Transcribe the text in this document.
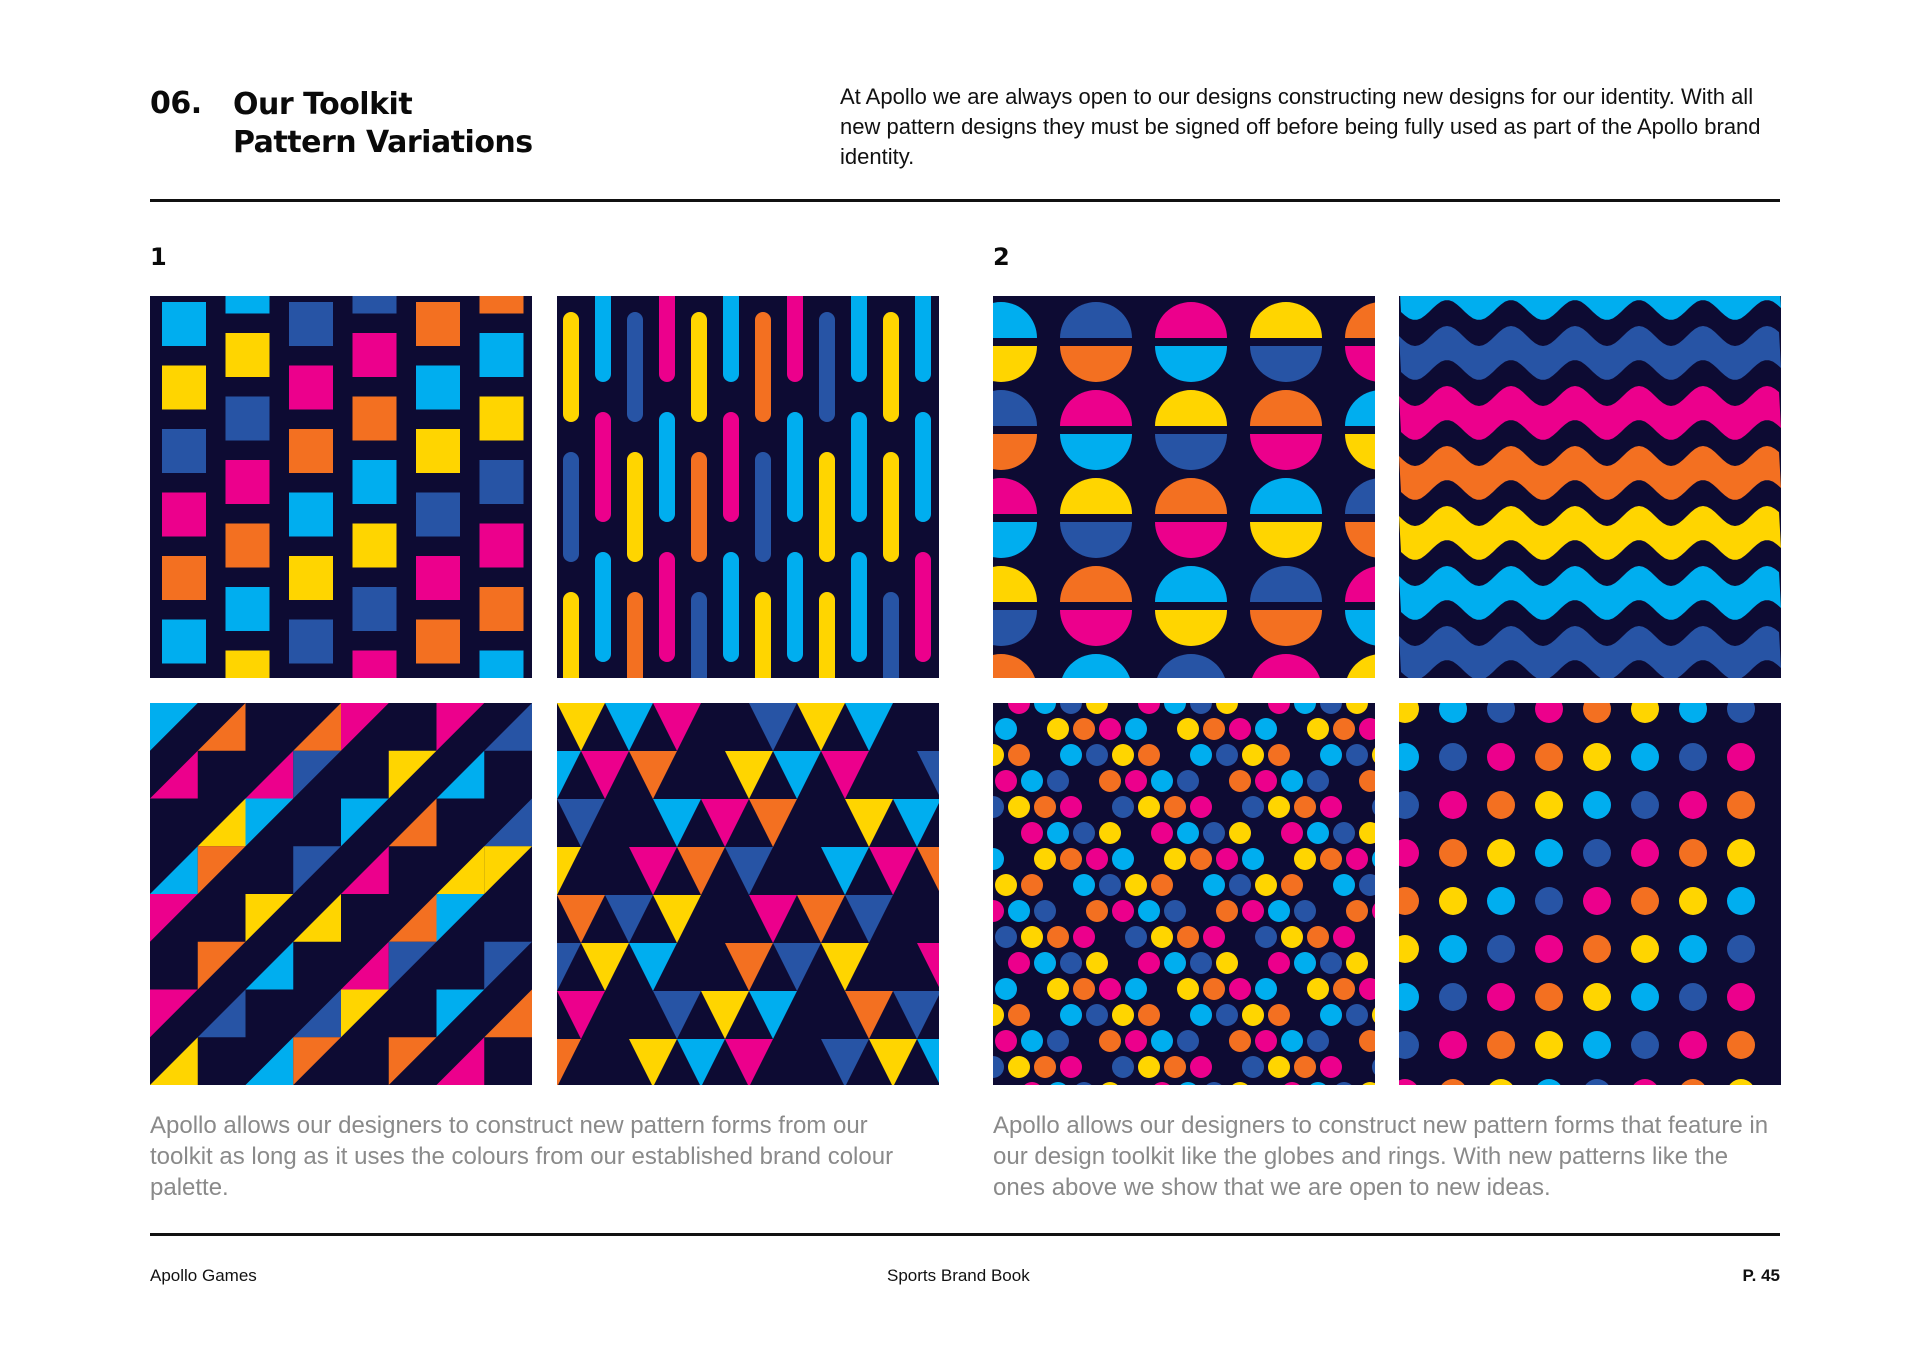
06. Our Toolkit
Pattern Variations
At Apollo we are always open to our designs constructing new designs for our identity. With all new pattern designs they must be signed off before being fully used as part of the Apollo brand identity.
1	2
Apollo allows our designers to construct new pattern forms from our toolkit as long as it uses the colours from our established brand colour palette.
Apollo allows our designers to construct new pattern forms that feature in our design toolkit like the globes and rings. With new patterns like the ones above we show that we are open to new ideas.
Apollo Games	Sports Brand Book	P. 45
